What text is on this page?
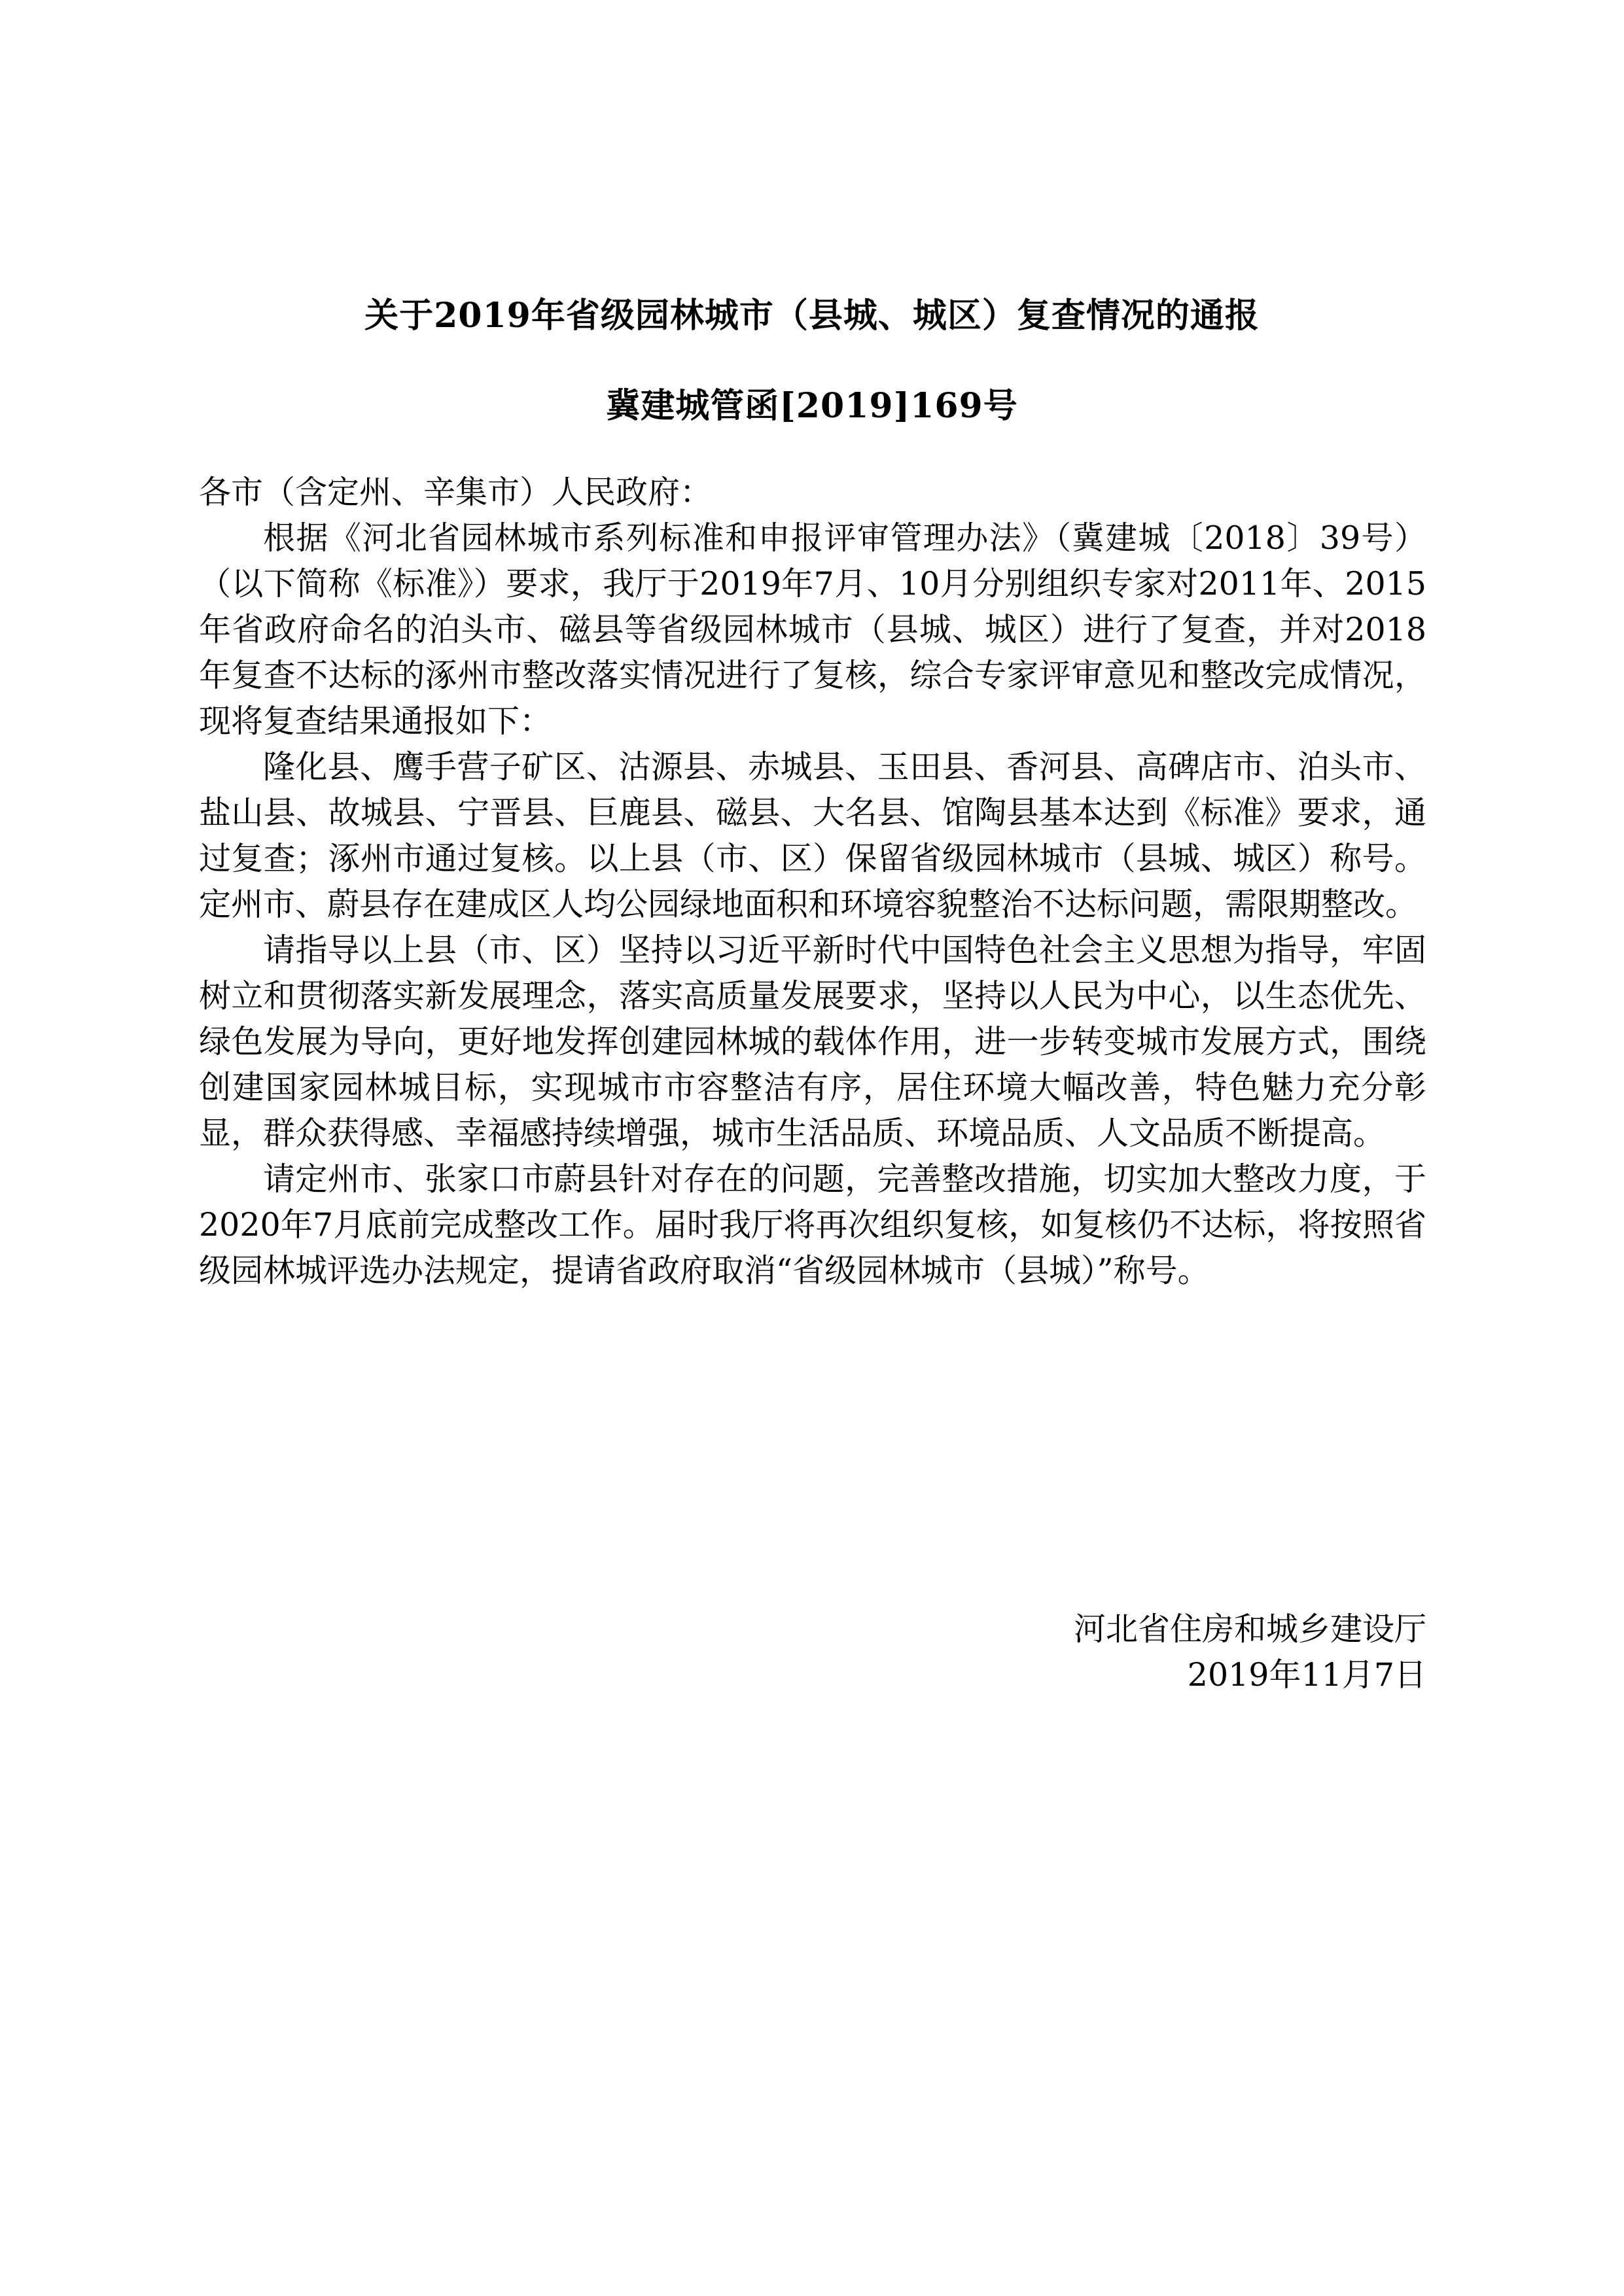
关于2019年省级园林城市（县城、城区）复查情况的通报
冀建城管函[2019]169号

各市（含定州、辛集市）人民政府：

根据《河北省园林城市系列标准和申报评审管理办法》（冀建城〔2018〕39号）（以下简称《标准》）要求，我厅于2019年7月、10月分别组织专家对2011年、2015年省政府命名的泊头市、磁县等省级园林城市（县城、城区）进行了复查，并对2018年复查不达标的涿州市整改落实情况进行了复核，综合专家评审意见和整改完成情况，现将复查结果通报如下：

隆化县、鹰手营子矿区、沽源县、赤城县、玉田县、香河县、高碑店市、泊头市、盐山县、故城县、宁晋县、巨鹿县、磁县、大名县、馆陶县基本达到《标准》要求，通过复查；涿州市通过复核。以上县（市、区）保留省级园林城市（县城、城区）称号。定州市、蔚县存在建成区人均公园绿地面积和环境容貌整治不达标问题，需限期整改。

请指导以上县（市、区）坚持以习近平新时代中国特色社会主义思想为指导，牢固树立和贯彻落实新发展理念，落实高质量发展要求，坚持以人民为中心，以生态优先、绿色发展为导向，更好地发挥创建园林城的载体作用，进一步转变城市发展方式，围绕创建国家园林城目标，实现城市市容整洁有序，居住环境大幅改善，特色魅力充分彰显，群众获得感、幸福感持续增强，城市生活品质、环境品质、人文品质不断提高。

请定州市、张家口市蔚县针对存在的问题，完善整改措施，切实加大整改力度，于2020年7月底前完成整改工作。届时我厅将再次组织复核，如复核仍不达标，将按照省级园林城评选办法规定，提请省政府取消“省级园林城市（县城）”称号。

河北省住房和城乡建设厅
2019年11月7日
